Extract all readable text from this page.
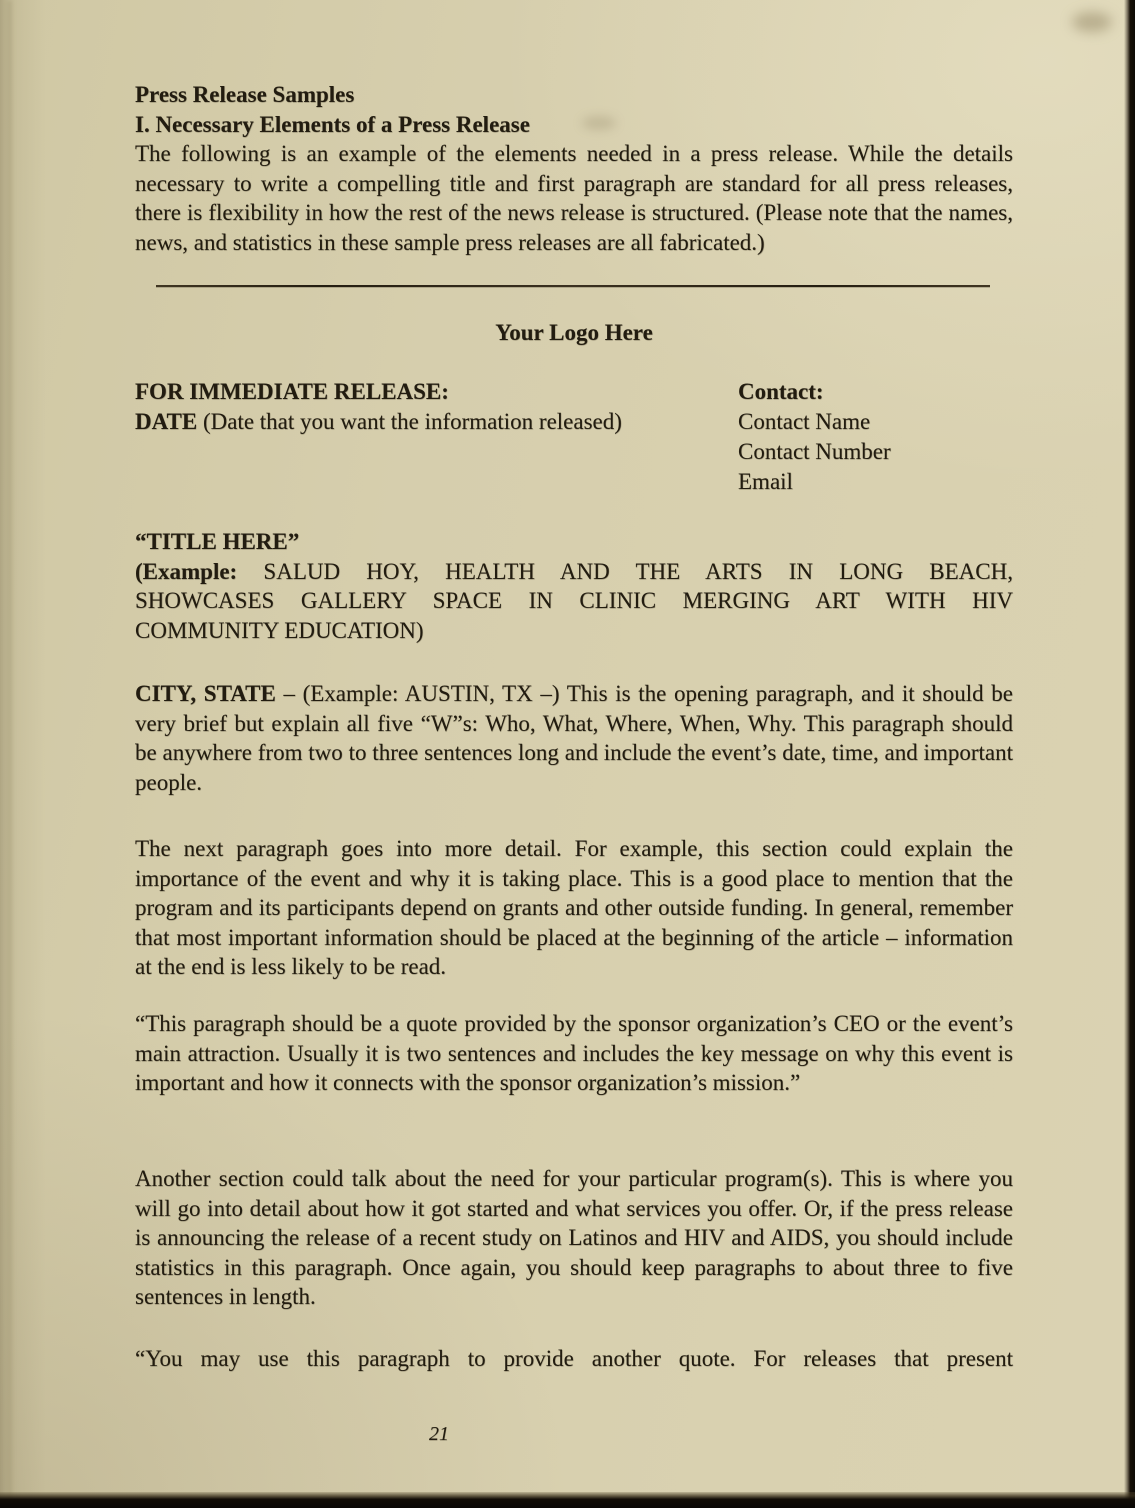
Press Release Samples
I. Necessary Elements of a Press Release

The following is an example of the elements needed in a press release. While the details necessary to write a compelling title and first paragraph are standard for all press releases, there is flexibility in how the rest of the news release is structured. (Please note that the names, news, and statistics in these sample press releases are all fabricated.)

Your Logo Here

FOR IMMEDIATE RELEASE:

DATE (Date that you want the information released)

Contact:

Contact Name

Contact Number

Email

“TITLE HERE”

(Example: SALUD HOY, HEALTH AND THE ARTS IN LONG BEACH,

SHOWCASES GALLERY SPACE IN CLINIC MERGING ART WITH HIV

COMMUNITY EDUCATION)

CITY, STATE – (Example: AUSTIN, TX –) This is the opening paragraph, and it should be very brief but explain all five “W”s: Who, What, Where, When, Why. This paragraph should be anywhere from two to three sentences long and include the event’s date, time, and important people.

The next paragraph goes into more detail. For example, this section could explain the importance of the event and why it is taking place. This is a good place to mention that the program and its participants depend on grants and other outside funding. In general, remember that most important information should be placed at the beginning of the article – information at the end is less likely to be read.

“This paragraph should be a quote provided by the sponsor organization’s CEO or the event’s main attraction. Usually it is two sentences and includes the key message on why this event is important and how it connects with the sponsor organization’s mission.”

Another section could talk about the need for your particular program(s). This is where you will go into detail about how it got started and what services you offer. Or, if the press release is announcing the release of a recent study on Latinos and HIV and AIDS, you should include statistics in this paragraph. Once again, you should keep paragraphs to about three to five sentences in length.

“You may use this paragraph to provide another quote. For releases that present

21
